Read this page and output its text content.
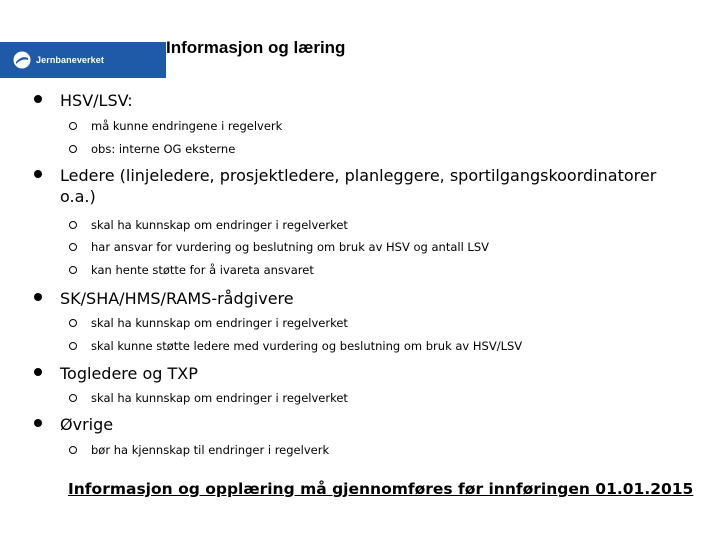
Jernbaneverket
Informasjon og læring
HSV/LSV:
må kunne endringene i regelverk
obs: interne OG eksterne
Ledere (linjeledere, prosjektledere, planleggere, sportilgangskoordinatorer o.a.)
skal ha kunnskap om endringer i regelverket
har ansvar for vurdering og beslutning om bruk av HSV og antall LSV
kan hente støtte for å ivareta ansvaret
SK/SHA/HMS/RAMS-rådgivere
skal ha kunnskap om endringer i regelverket
skal kunne støtte ledere med vurdering og beslutning om bruk av HSV/LSV
Togledere og TXP
skal ha kunnskap om endringer i regelverket
Øvrige
bør ha kjennskap til endringer i regelverk
Informasjon og opplæring må gjennomføres før innføringen 01.01.2015
